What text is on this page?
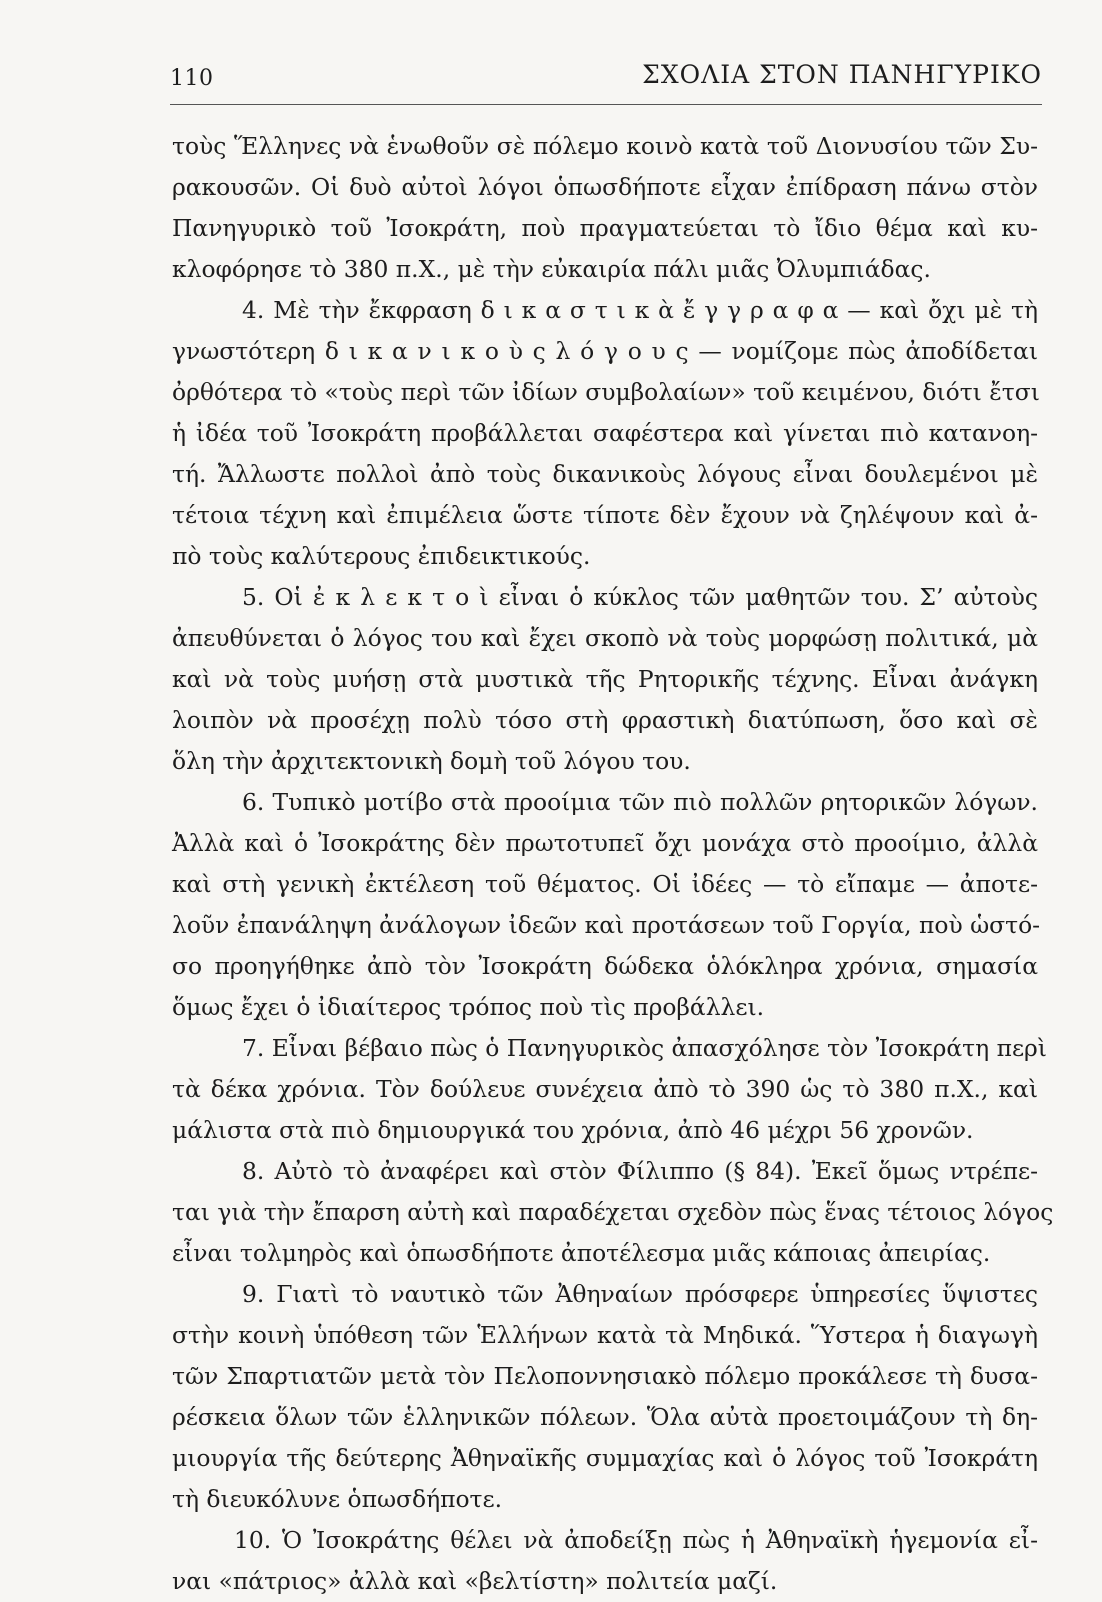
110	ΣΧΟΛΙΑ ΣΤΟΝ ΠΑΝΗΓΥΡΙΚΟ
τοὺς Ἕλληνες νὰ ἑνωθοῦν σὲ πόλεμο κοινὸ κατὰ τοῦ Διονυσίου τῶν Συ-
ρακουσῶν. Οἱ δυὸ αὐτοὶ λόγοι ὁπωσδήποτε εἶχαν ἐπίδραση πάνω στὸν
Πανηγυρικὸ τοῦ Ἰσοκράτη, ποὺ πραγματεύεται τὸ ἴδιο θέμα καὶ κυ-
κλοφόρησε τὸ 380 π.Χ., μὲ τὴν εὐκαιρία πάλι μιᾶς Ὀλυμπιάδας.
4. Μὲ τὴν ἔκφραση δ ι κ α σ τ ι κ ὰ ἔ γ γ ρ α φ α — καὶ ὄχι μὲ τὴ
γνωστότερη δ ι κ α ν ι κ ο ὺ ς λ ό γ ο υ ς — νομίζομε πὼς ἀποδίδεται
ὀρθότερα τὸ «τοὺς περὶ τῶν ἰδίων συμβολαίων» τοῦ κειμένου, διότι ἔτσι
ἡ ἰδέα τοῦ Ἰσοκράτη προβάλλεται σαφέστερα καὶ γίνεται πιὸ κατανοη-
τή. Ἄλλωστε πολλοὶ ἀπὸ τοὺς δικανικοὺς λόγους εἶναι δουλεμένοι μὲ
τέτοια τέχνη καὶ ἐπιμέλεια ὥστε τίποτε δὲν ἔχουν νὰ ζηλέψουν καὶ ἀ-
πὸ τοὺς καλύτερους ἐπιδεικτικούς.
5. Οἱ ἐ κ λ ε κ τ ο ὶ εἶναι ὁ κύκλος τῶν μαθητῶν του. Σ’ αὐτοὺς
ἀπευθύνεται ὁ λόγος του καὶ ἔχει σκοπὸ νὰ τοὺς μορφώσῃ πολιτικά, μὰ
καὶ νὰ τοὺς μυήσῃ στὰ μυστικὰ τῆς Ρητορικῆς τέχνης. Εἶναι ἀνάγκη
λοιπὸν νὰ προσέχῃ πολὺ τόσο στὴ φραστικὴ διατύπωση, ὅσο καὶ σὲ
ὅλη τὴν ἀρχιτεκτονικὴ δομὴ τοῦ λόγου του.
6. Τυπικὸ μοτίβο στὰ προοίμια τῶν πιὸ πολλῶν ρητορικῶν λόγων.
Ἀλλὰ καὶ ὁ Ἰσοκράτης δὲν πρωτοτυπεῖ ὄχι μονάχα στὸ προοίμιο, ἀλλὰ
καὶ στὴ γενικὴ ἐκτέλεση τοῦ θέματος. Οἱ ἰδέες — τὸ εἴπαμε — ἀποτε-
λοῦν ἐπανάληψη ἀνάλογων ἰδεῶν καὶ προτάσεων τοῦ Γοργία, ποὺ ὡστό-
σο προηγήθηκε ἀπὸ τὸν Ἰσοκράτη δώδεκα ὁλόκληρα χρόνια, σημασία
ὅμως ἔχει ὁ ἰδιαίτερος τρόπος ποὺ τὶς προβάλλει.
7. Εἶναι βέβαιο πὼς ὁ Πανηγυρικὸς ἀπασχόλησε τὸν Ἰσοκράτη περὶ
τὰ δέκα χρόνια. Τὸν δούλευε συνέχεια ἀπὸ τὸ 390 ὡς τὸ 380 π.Χ., καὶ
μάλιστα στὰ πιὸ δημιουργικά του χρόνια, ἀπὸ 46 μέχρι 56 χρονῶν.
8. Αὐτὸ τὸ ἀναφέρει καὶ στὸν Φίλιππο (§ 84). Ἐκεῖ ὅμως ντρέπε-
ται γιὰ τὴν ἔπαρση αὐτὴ καὶ παραδέχεται σχεδὸν πὼς ἕνας τέτοιος λόγος
εἶναι τολμηρὸς καὶ ὁπωσδήποτε ἀποτέλεσμα μιᾶς κάποιας ἀπειρίας.
9. Γιατὶ τὸ ναυτικὸ τῶν Ἀθηναίων πρόσφερε ὑπηρεσίες ὕψιστες
στὴν κοινὴ ὑπόθεση τῶν Ἑλλήνων κατὰ τὰ Μηδικά. Ὕστερα ἡ διαγωγὴ
τῶν Σπαρτιατῶν μετὰ τὸν Πελοποννησιακὸ πόλεμο προκάλεσε τὴ δυσα-
ρέσκεια ὅλων τῶν ἑλληνικῶν πόλεων. Ὅλα αὐτὰ προετοιμάζουν τὴ δη-
μιουργία τῆς δεύτερης Ἀθηναϊκῆς συμμαχίας καὶ ὁ λόγος τοῦ Ἰσοκράτη
τὴ διευκόλυνε ὁπωσδήποτε.
10. Ὁ Ἰσοκράτης θέλει νὰ ἀποδείξῃ πὼς ἡ Ἀθηναϊκὴ ἡγεμονία εἶ-
ναι «πάτριος» ἀλλὰ καὶ «βελτίστη» πολιτεία μαζί.
